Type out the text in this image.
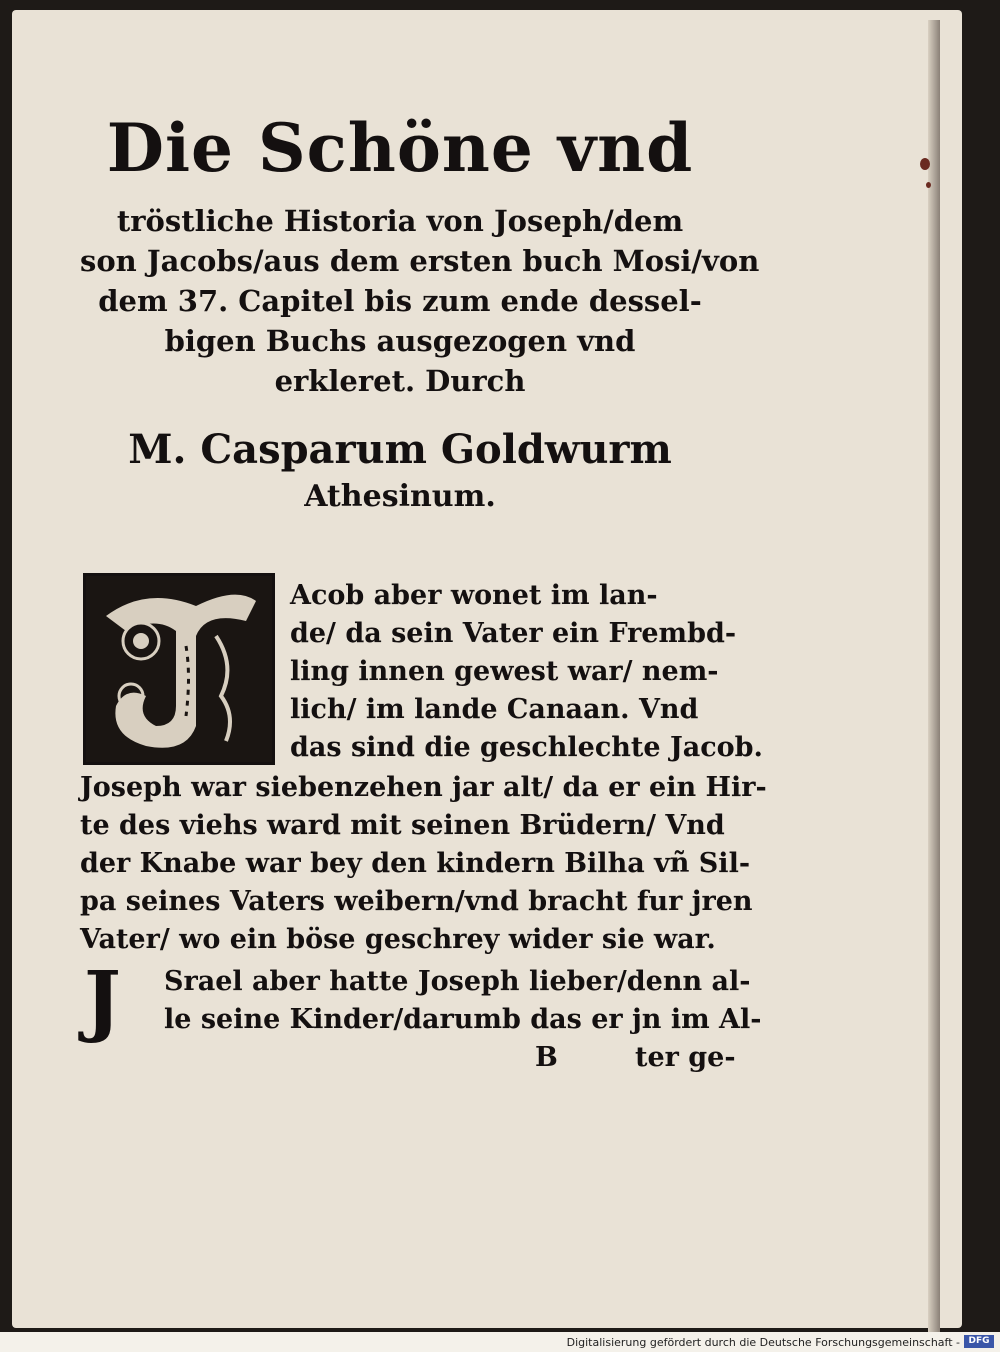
Die Schöne vnd
tröstliche Historia von Joseph/dem
son Jacobs/aus dem ersten buch Mosi/von
dem 37. Capitel bis zum ende dessel-
bigen Buchs ausgezogen vnd
erkleret. Durch
M. Casparum Goldwurm
Athesinum.
Acob aber wonet im lan-
de/ da sein Vater ein Frembd-
ling innen gewest war/ nem-
lich/ im lande Canaan. Vnd
das sind die geschlechte Jacob.
Joseph war siebenzehen jar alt/ da er ein Hir-
te des viehs ward mit seinen Brüdern/ Vnd
der Knabe war bey den kindern Bilha vñ Sil-
pa seines Vaters weibern/vnd bracht fur jren
Vater/ wo ein böse geschrey wider sie war.
J Srael aber hatte Joseph lieber/denn al-
le seine Kinder/darumb das er jn im Al-
B	ter ge-
Digitalisierung gefördert durch die Deutsche Forschungsgemeinschaft - DFG
